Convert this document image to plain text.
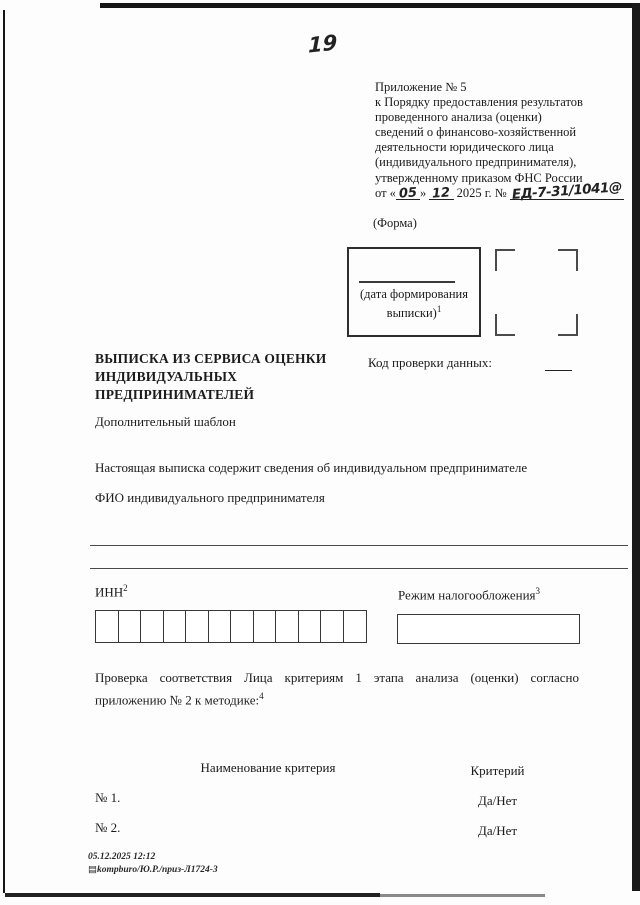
19
Приложение № 5
к Порядку предоставления результатов
проведенного анализа (оценки)
сведений о финансово-хозяйственной
деятельности юридического лица
(индивидуального предпринимателя),
утвержденному приказом ФНС России
от « 05 » 12 2025 г. № ЕД-7-31/1041@
(Форма)
(дата формирования
выписки)$^1$
ВЫПИСКА ИЗ СЕРВИСА ОЦЕНКИ
ИНДИВИДУАЛЬНЫХ
ПРЕДПРИНИМАТЕЛЕЙ
Код проверки данных:
Дополнительный шаблон
Настоящая выписка содержит сведения об индивидуальном предпринимателе
ФИО индивидуального предпринимателя
ИНН$^2$	Режим налогообложения$^3$
Проверка соответствия Лица критериям 1 этапа анализа (оценки) согласно
приложению № 2 к методике:$^4$
Наименование критерия	Критерий
№ 1.	Да/Нет
№ 2.	Да/Нет
05.12.2025 12:12
▤kompburo/Ю.Р./приз-Л1724-3
